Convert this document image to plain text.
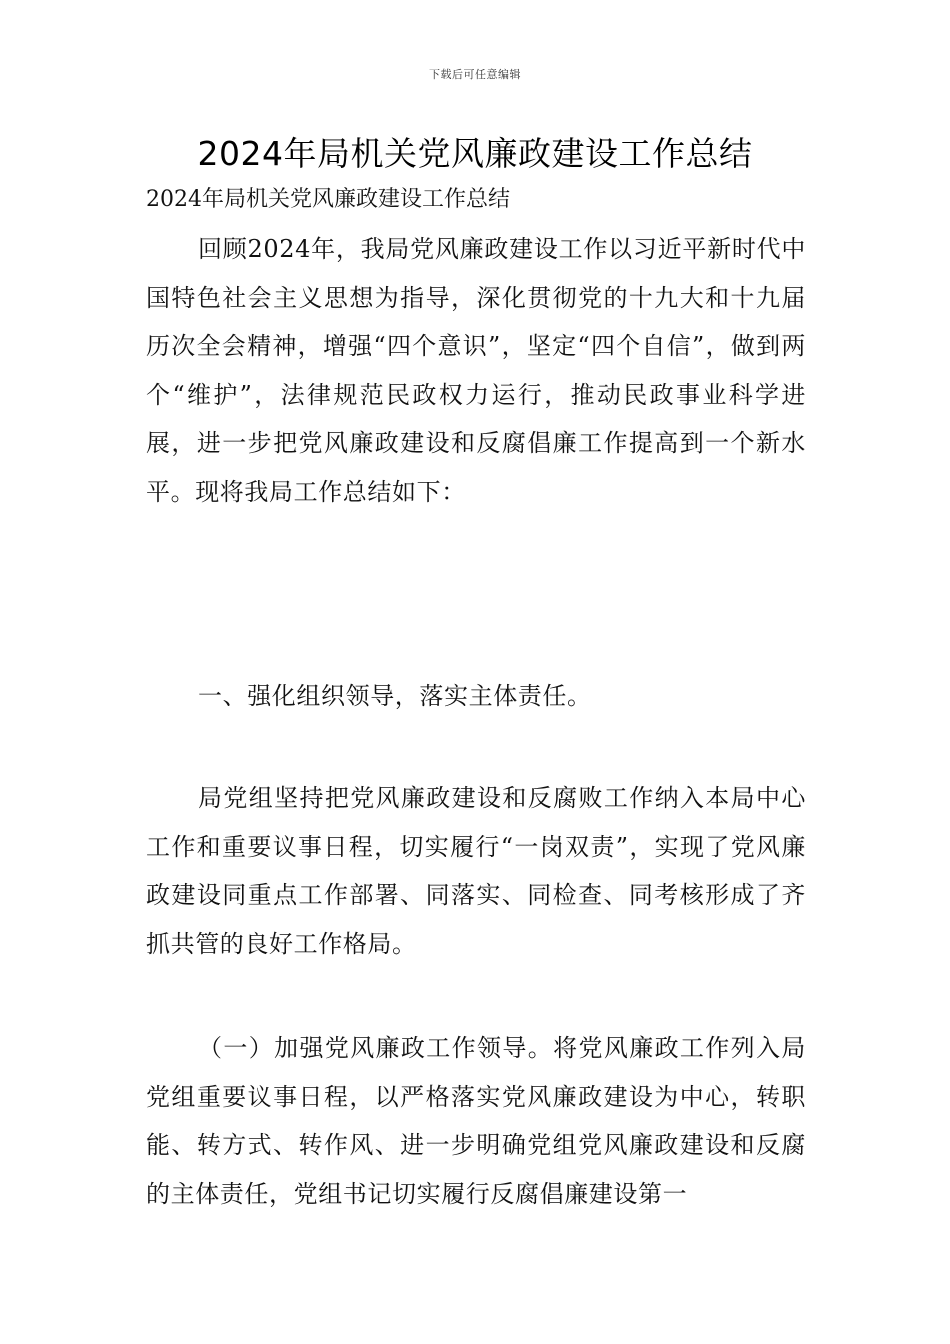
下载后可任意编辑
2024年局机关党风廉政建设工作总结
2024年局机关党风廉政建设工作总结
回顾2024年，我局党风廉政建设工作以习近平新时代中国特色社会主义思想为指导，深化贯彻党的十九大和十九届历次全会精神，增强“四个意识”，坚定“四个自信”，做到两个“维护”，法律规范民政权力运行，推动民政事业科学进展，进一步把党风廉政建设和反腐倡廉工作提高到一个新水平。现将我局工作总结如下：
一、强化组织领导，落实主体责任。
局党组坚持把党风廉政建设和反腐败工作纳入本局中心工作和重要议事日程，切实履行“一岗双责”，实现了党风廉政建设同重点工作部署、同落实、同检查、同考核形成了齐抓共管的良好工作格局。
（一）加强党风廉政工作领导。将党风廉政工作列入局党组重要议事日程，以严格落实党风廉政建设为中心，转职能、转方式、转作风、进一步明确党组党风廉政建设和反腐的主体责任，党组书记切实履行反腐倡廉建设第一
